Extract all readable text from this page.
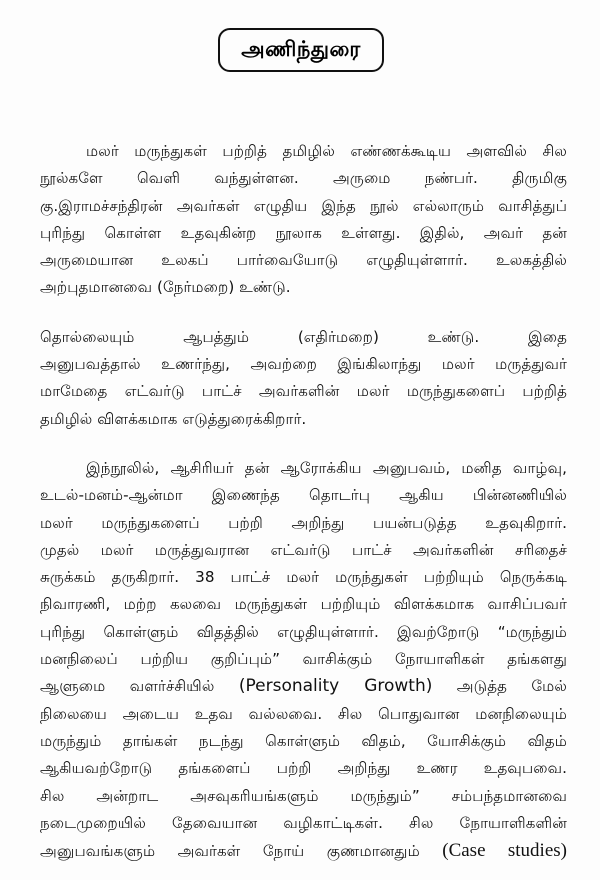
அணிந்துரை
மலர் மருந்துகள் பற்றித் தமிழில் எண்ணக்கூடிய அளவில் சில
நூல்களே வெளி வந்துள்ளன. அருமை நண்பர். திருமிகு
கு.இராமச்சந்திரன் அவர்கள் எழுதிய இந்த நூல் எல்லாரும் வாசித்துப்
புரிந்து கொள்ள உதவுகின்ற நூலாக உள்ளது. இதில், அவர் தன்
அருமையான உலகப் பார்வையோடு எழுதியுள்ளார். உலகத்தில்
அற்புதமானவை (நேர்மறை) உண்டு.
தொல்லையும் ஆபத்தும் (எதிர்மறை) உண்டு. இதை
அனுபவத்தால் உணர்ந்து, அவற்றை இங்கிலாந்து மலர் மருத்துவர்
மாமேதை எட்வர்டு பாட்ச் அவர்களின் மலர் மருந்துகளைப் பற்றித்
தமிழில் விளக்கமாக எடுத்துரைக்கிறார்.
இந்நூலில், ஆசிரியர் தன் ஆரோக்கிய அனுபவம், மனித வாழ்வு,
உடல்-மனம்-ஆன்மா இணைந்த தொடர்பு ஆகிய பின்னணியில்
மலர் மருந்துகளைப் பற்றி அறிந்து பயன்படுத்த உதவுகிறார்.
முதல் மலர் மருத்துவரான எட்வர்டு பாட்ச் அவர்களின் சரிதைச்
சுருக்கம் தருகிறார். 38 பாட்ச் மலர் மருந்துகள் பற்றியும் நெருக்கடி
நிவாரணி, மற்ற கலவை மருந்துகள் பற்றியும் விளக்கமாக வாசிப்பவர்
புரிந்து கொள்ளும் விதத்தில் எழுதியுள்ளார். இவற்றோடு “மருந்தும்
மனநிலைப் பற்றிய குறிப்பும்” வாசிக்கும் நோயாளிகள் தங்களது
ஆளுமை வளர்ச்சியில் (Personality Growth) அடுத்த மேல்
நிலையை அடைய உதவ வல்லவை. சில பொதுவான மனநிலையும்
மருந்தும் தாங்கள் நடந்து கொள்ளும் விதம், யோசிக்கும் விதம்
ஆகியவற்றோடு தங்களைப் பற்றி அறிந்து உணர உதவுபவை.
சில அன்றாட அசவுகரியங்களும் மருந்தும்” சம்பந்தமானவை
நடைமுறையில் தேவையான வழிகாட்டிகள். சில நோயாளிகளின்
அனுபவங்களும் அவர்கள் நோய் குணமானதும் (Case studies)
